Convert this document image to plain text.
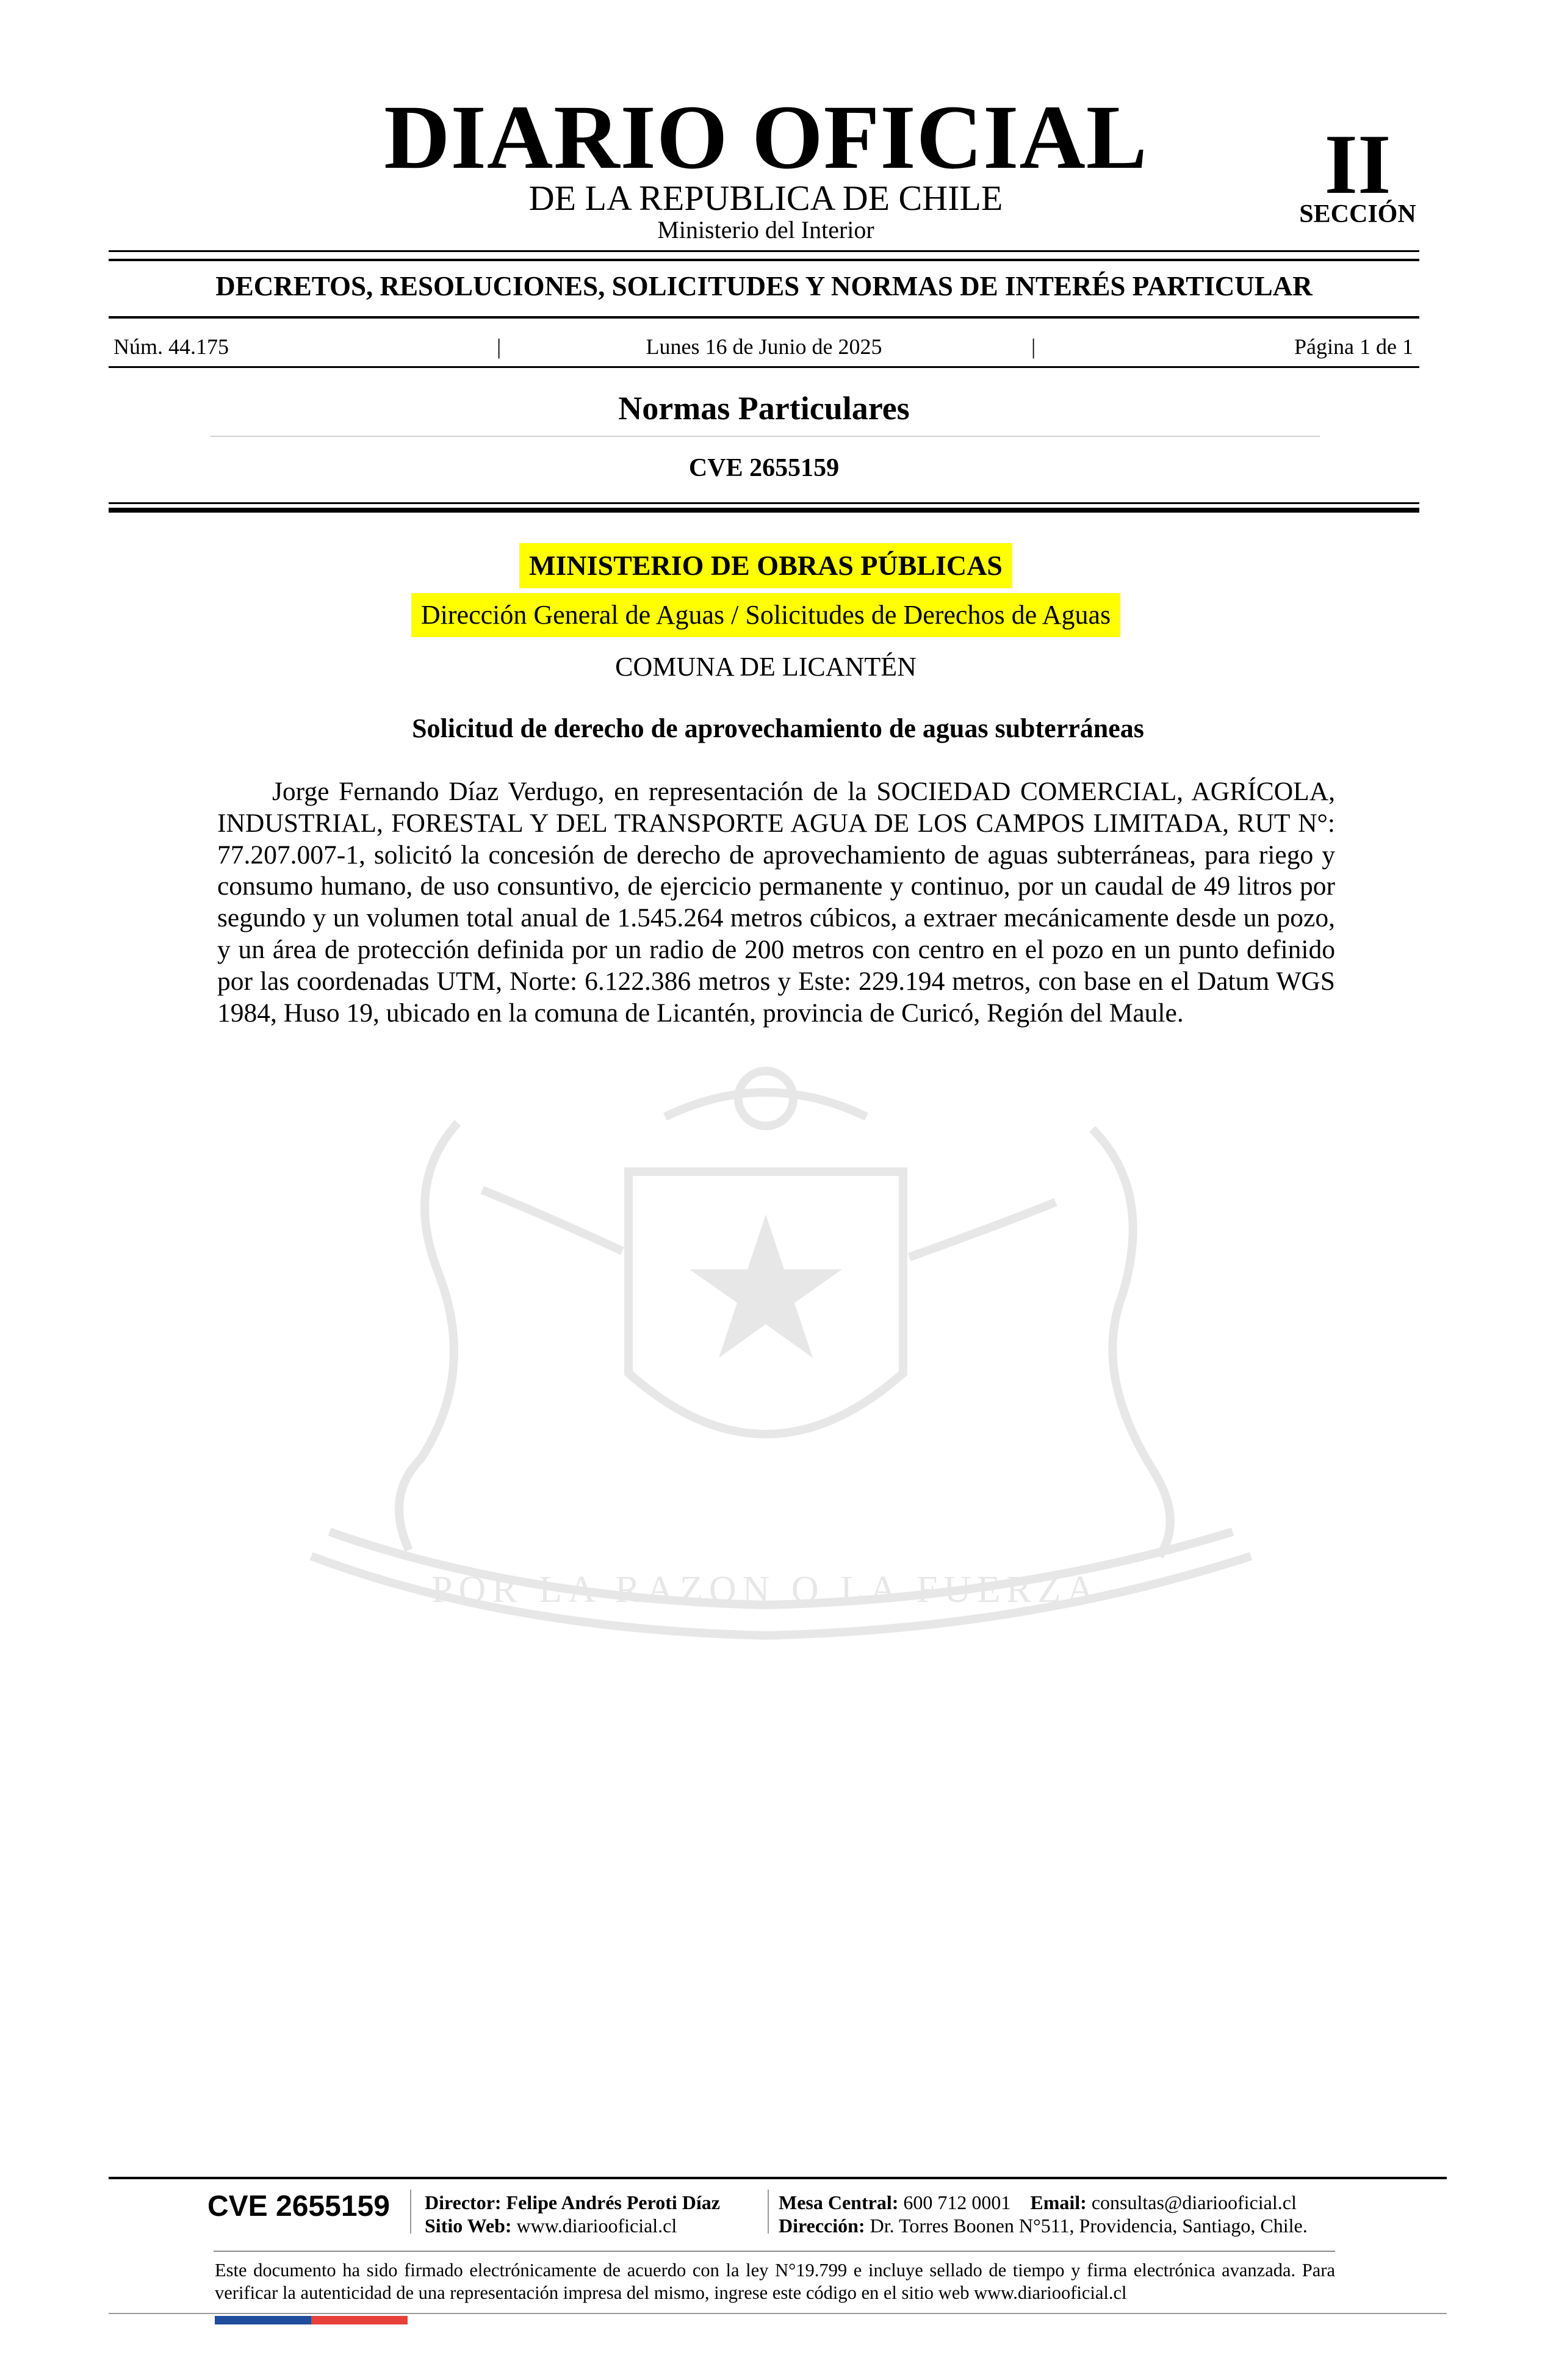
POR LA RAZON O LA FUERZA
DIARIO OFICIAL
DE LA REPUBLICA DE CHILE
Ministerio del Interior
II
SECCIÓN
DECRETOS, RESOLUCIONES, SOLICITUDES Y NORMAS DE INTERÉS PARTICULAR
Núm. 44.175	|	Lunes 16 de Junio de 2025	|	Página 1 de 1
Normas Particulares
CVE 2655159
MINISTERIO DE OBRAS PÚBLICAS
Dirección General de Aguas / Solicitudes de Derechos de Aguas
COMUNA DE LICANTÉN
Solicitud de derecho de aprovechamiento de aguas subterráneas
Jorge Fernando Díaz Verdugo, en representación de la SOCIEDAD COMERCIAL, AGRÍCOLA, INDUSTRIAL, FORESTAL Y DEL TRANSPORTE AGUA DE LOS CAMPOS LIMITADA, RUT N°: 77.207.007-1, solicitó la concesión de derecho de aprovechamiento de aguas subterráneas, para riego y consumo humano, de uso consuntivo, de ejercicio permanente y continuo, por un caudal de 49 litros por segundo y un volumen total anual de 1.545.264 metros cúbicos, a extraer mecánicamente desde un pozo, y un área de protección definida por un radio de 200 metros con centro en el pozo en un punto definido por las coordenadas UTM, Norte: 6.122.386 metros y Este: 229.194 metros, con base en el Datum WGS 1984, Huso 19, ubicado en la comuna de Licantén, provincia de Curicó, Región del Maule.
CVE 2655159	Director: Felipe Andrés Peroti Díaz
Sitio Web: www.diariooficial.cl
Mesa Central: 600 712 0001 Email: consultas@diariooficial.cl
Dirección: Dr. Torres Boonen N°511, Providencia, Santiago, Chile.
Este documento ha sido firmado electrónicamente de acuerdo con la ley N°19.799 e incluye sellado de tiempo y firma electrónica avanzada. Para verificar la autenticidad de una representación impresa del mismo, ingrese este código en el sitio web www.diariooficial.cl
